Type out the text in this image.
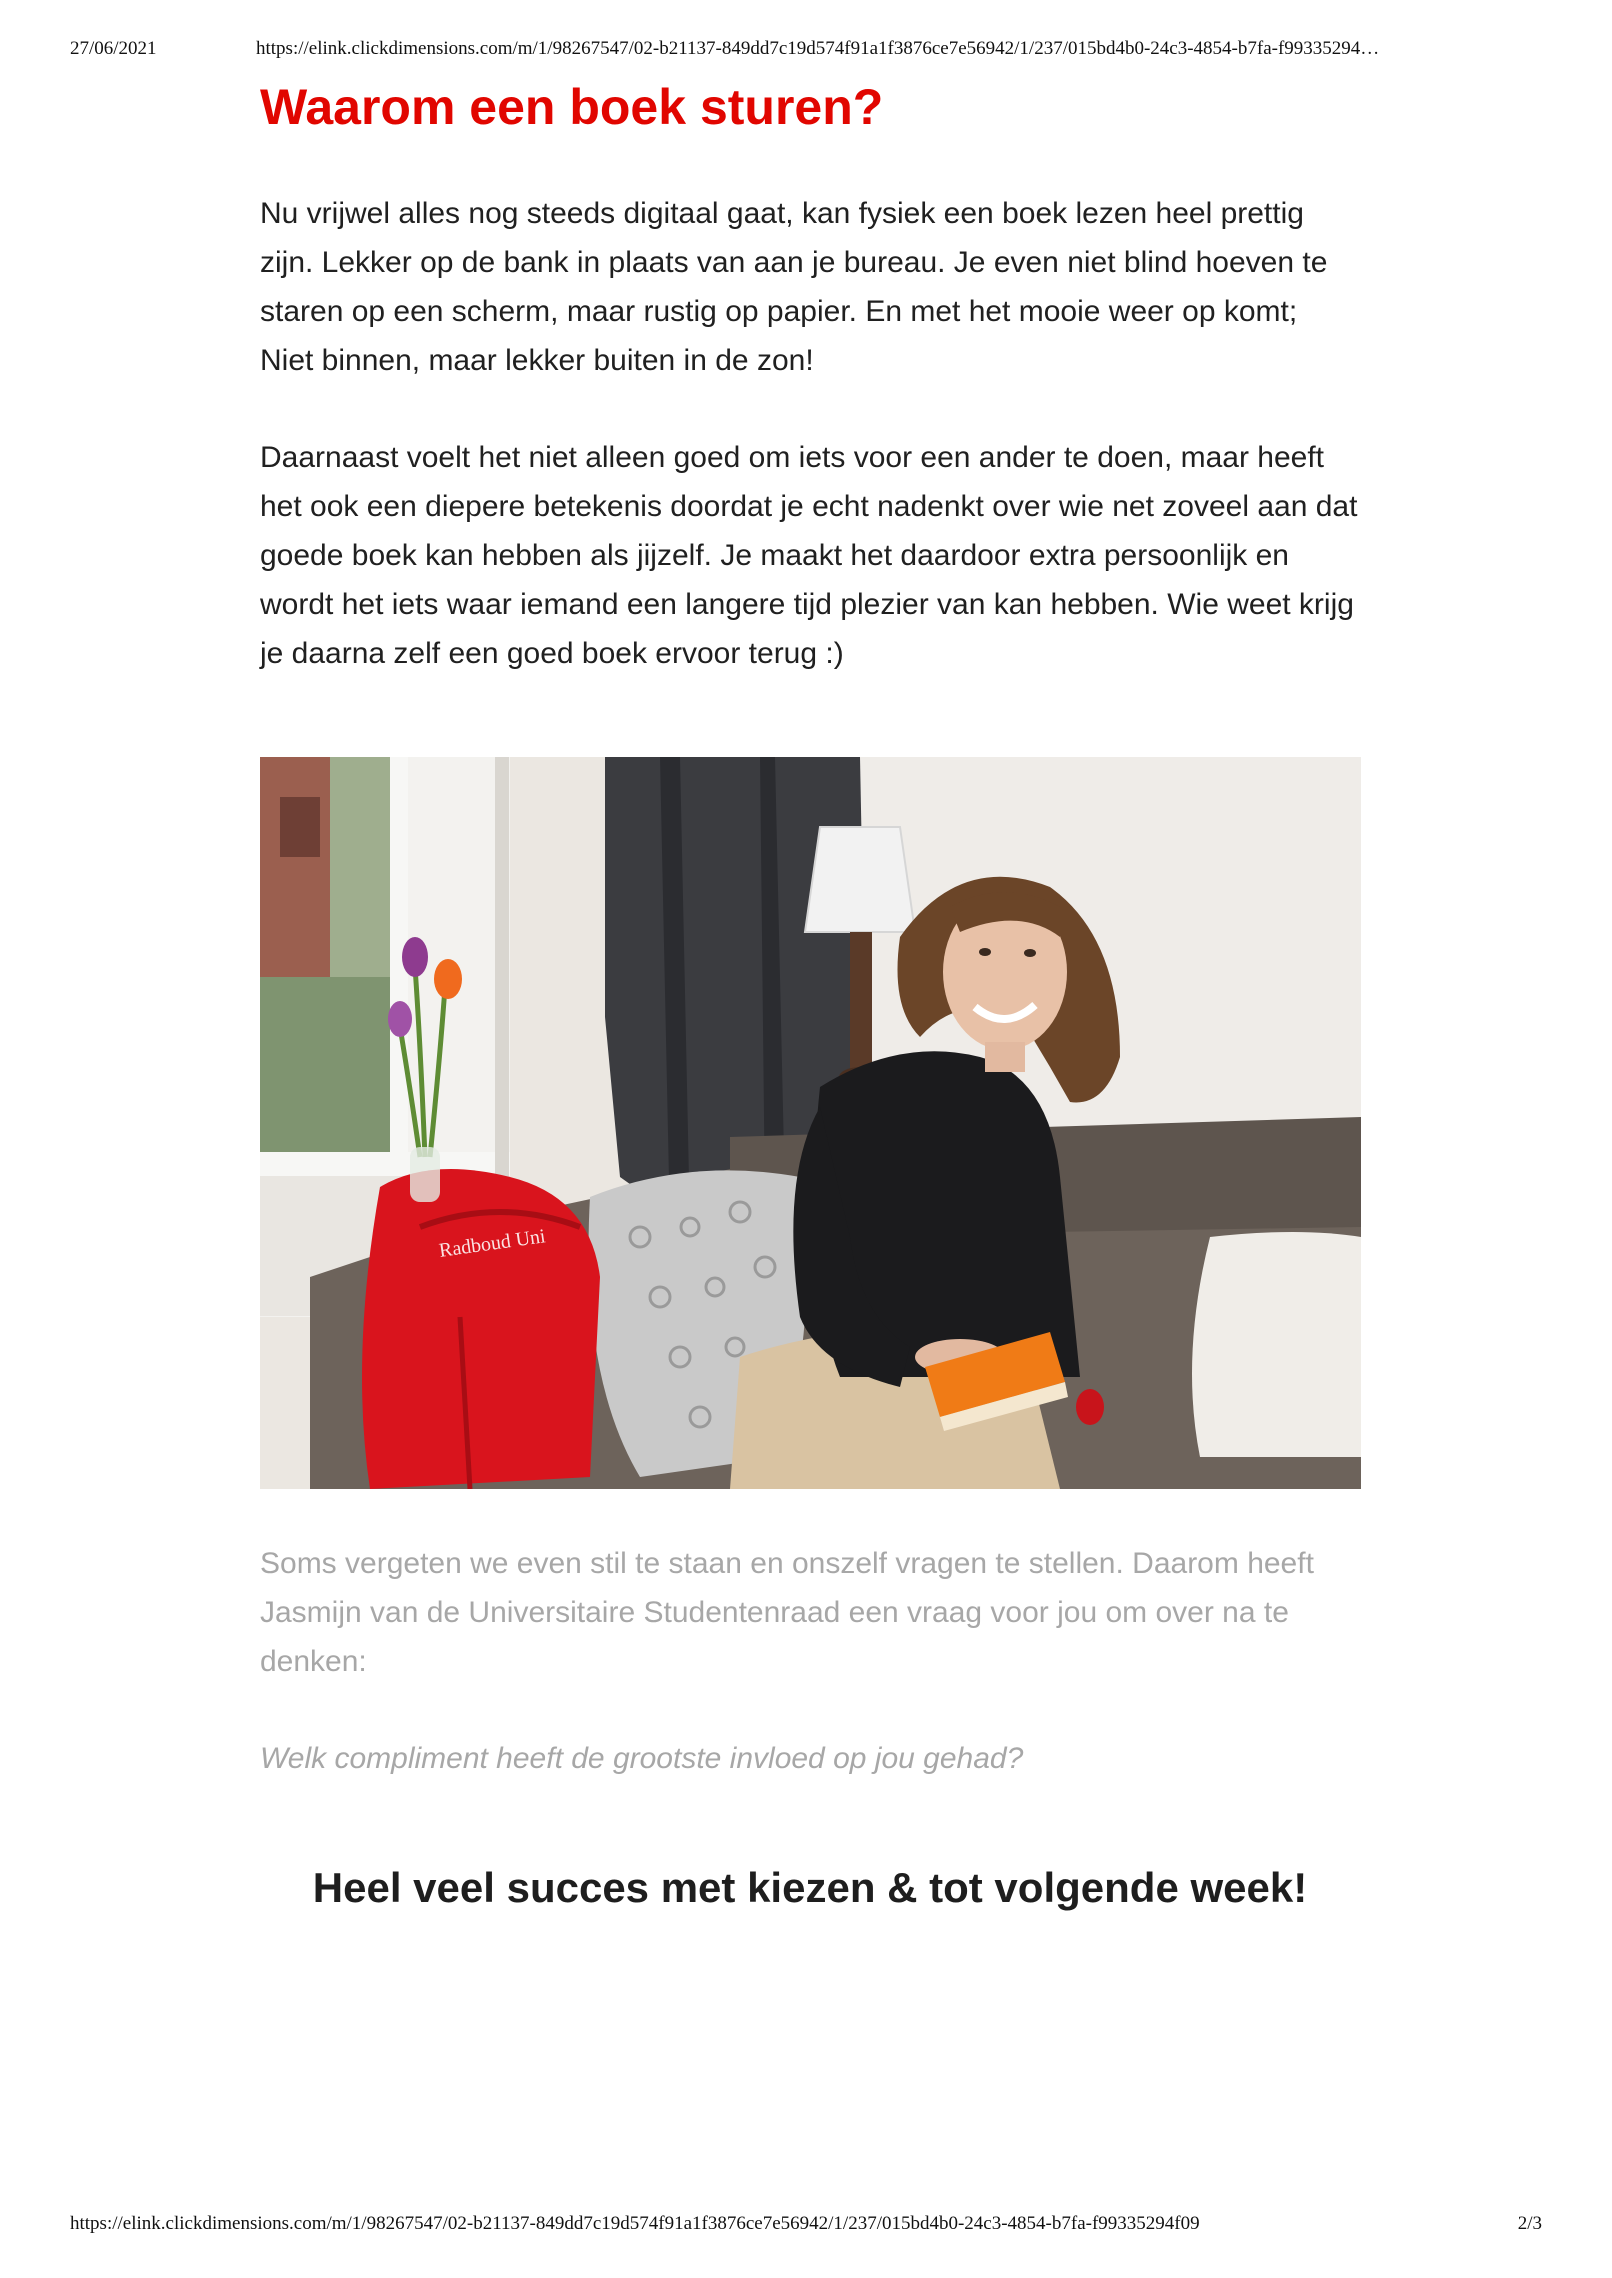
27/06/2021	https://elink.clickdimensions.com/m/1/98267547/02-b21137-849dd7c19d574f91a1f3876ce7e56942/1/237/015bd4b0-24c3-4854-b7fa-f99335294…
Waarom een boek sturen?

Nu vrijwel alles nog steeds digitaal gaat, kan fysiek een boek lezen heel prettig zijn. Lekker op de bank in plaats van aan je bureau. Je even niet blind hoeven te staren op een scherm, maar rustig op papier. En met het mooie weer op komt; Niet binnen, maar lekker buiten in de zon!

Daarnaast voelt het niet alleen goed om iets voor een ander te doen, maar heeft het ook een diepere betekenis doordat je echt nadenkt over wie net zoveel aan dat goede boek kan hebben als jijzelf. Je maakt het daardoor extra persoonlijk en wordt het iets waar iemand een langere tijd plezier van kan hebben. Wie weet krijg je daarna zelf een goed boek ervoor terug :)

Radboud Uni

Soms vergeten we even stil te staan en onszelf vragen te stellen. Daarom heeft Jasmijn van de Universitaire Studentenraad een vraag voor jou om over na te denken:

Welk compliment heeft de grootste invloed op jou gehad?
Heel veel succes met kiezen & tot volgende week!
https://elink.clickdimensions.com/m/1/98267547/02-b21137-849dd7c19d574f91a1f3876ce7e56942/1/237/015bd4b0-24c3-4854-b7fa-f99335294f09	2/3
